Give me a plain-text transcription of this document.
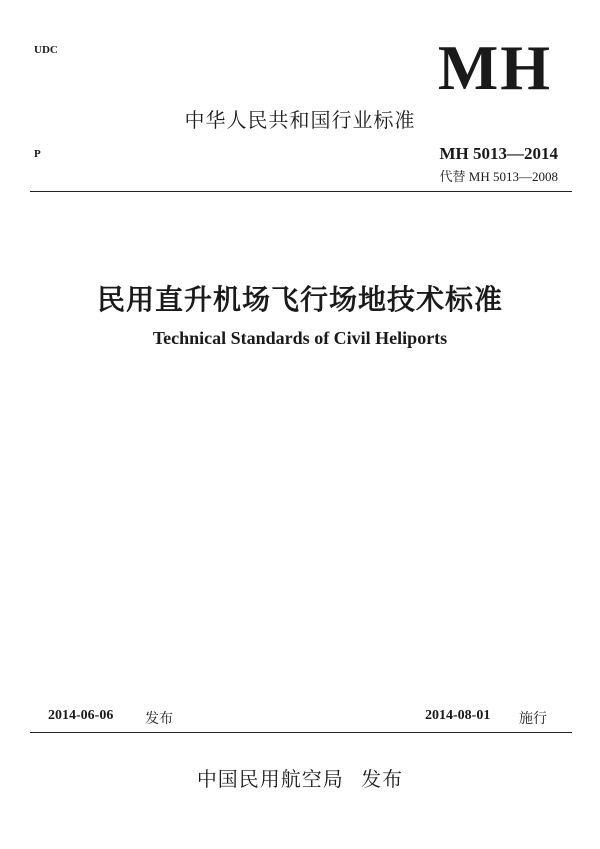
UDC	MH
中华人民共和国行业标准
P	MH 5013—2014
代替 MH 5013—2008
民用直升机场飞行场地技术标准
Technical Standards of Civil Heliports
2014-06-06 发布	2014-08-01 施行
中国民用航空局 发布
